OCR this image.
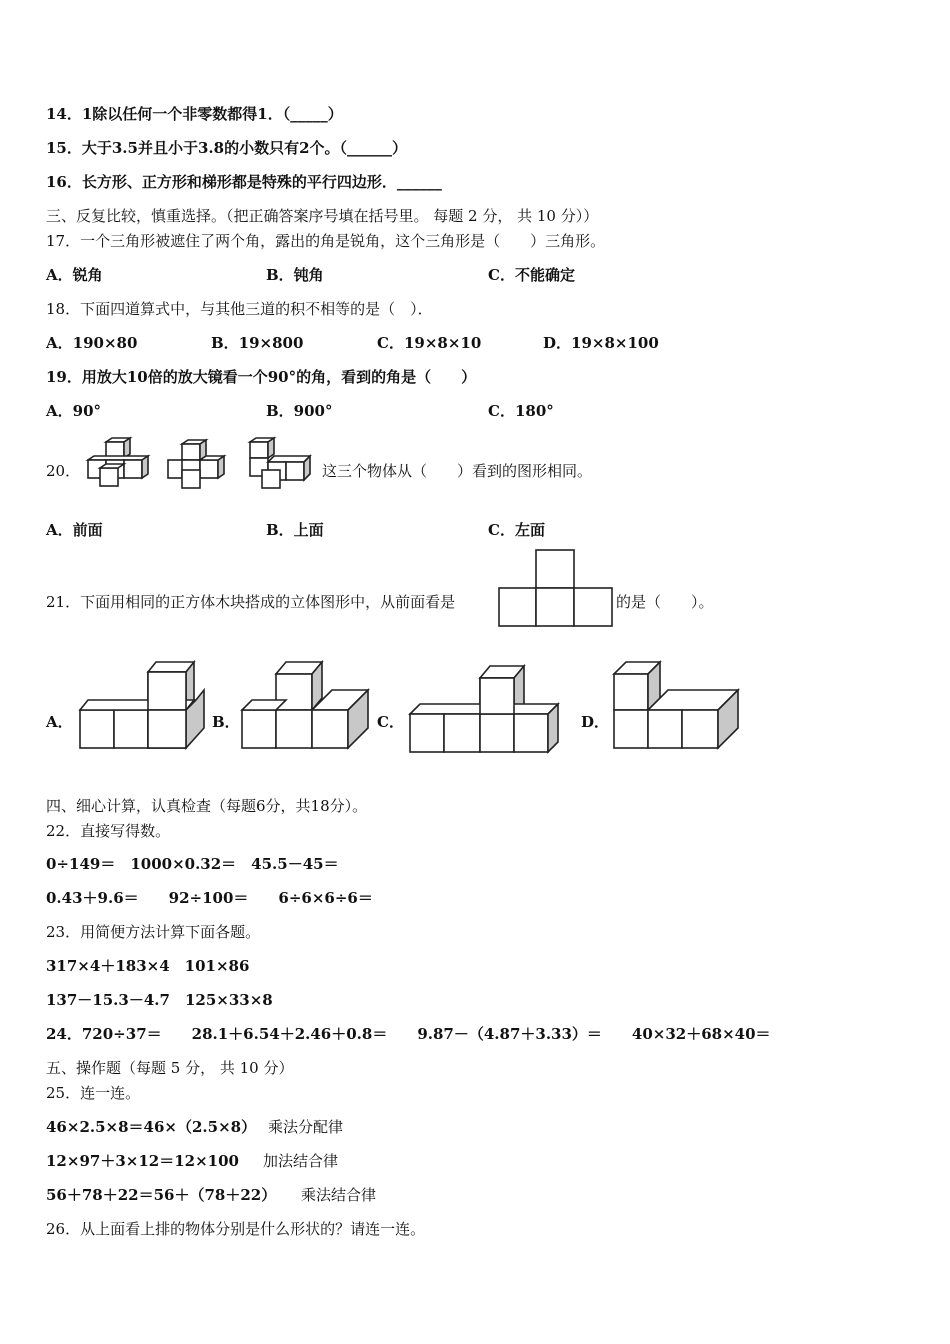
14．1除以任何一个非零数都得1．（_____）
15．大于3.5并且小于3.8的小数只有2个。（______）
16．长方形、正方形和梯形都是特殊的平行四边形．______
三、反复比较，慎重选择。（把正确答案序号填在括号里。 每题 2 分， 共 10 分））
17．一个三角形被遮住了两个角，露出的角是锐角，这个三角形是（　　）三角形。
A．锐角	B．钝角	C．不能确定
18．下面四道算式中，与其他三道的积不相等的是（　）．
A．190×80	B．19×800	C．19×8×10	D．19×8×100
19．用放大10倍的放大镜看一个90°的角，看到的角是（　　）
A．90°	B．900°	C．180°
20．	这三个物体从（　　）看到的图形相同。
A．前面	B．上面	C．左面
21．下面用相同的正方体木块搭成的立体图形中，从前面看是	的是（　　）。
A．	B．	C．	D．
四、细心计算，认真检查（每题6分，共18分）。
22．直接写得数。
0÷149＝　1000×0.32＝　45.5－45＝
0.43＋9.6＝　　92÷100＝　　6÷6×6÷6＝
23．用简便方法计算下面各题。
317×4＋183×4　101×86
137－15.3－4.7　125×33×8
24．720÷37＝　　28.1＋6.54＋2.46＋0.8＝　　9.87－（4.87＋3.33）＝　　40×32＋68×40＝
五、操作题（每题 5 分， 共 10 分）
25．连一连。
46×2.5×8＝46×（2.5×8） 乘法分配律
12×97＋3×12＝12×100 加法结合律
56＋78＋22＝56＋（78＋22） 乘法结合律
26．从上面看上排的物体分别是什么形状的？请连一连。
